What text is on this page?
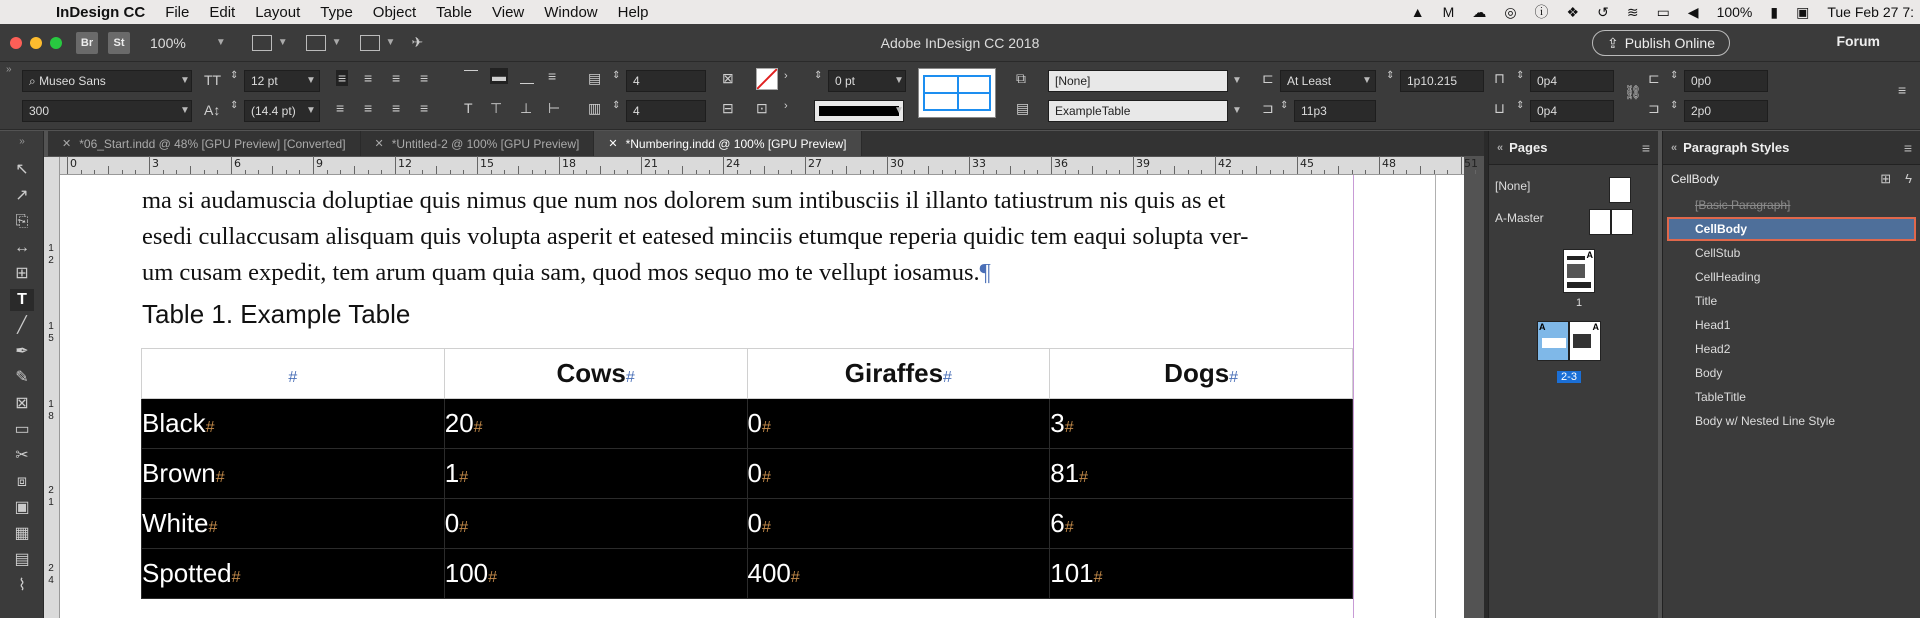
InDesign CC	File	Edit	Layout	Type	Object	Table	View	Window	Help	▲ M ☁ ◎ ⓘ ❖ ↺ ≋ ▭ ◀ 100% ▮ ▣ Tue Feb 27 7:
Br	St	100%	▼	▼	▼	▼ ✈	Adobe InDesign CC 2018	⇪ Publish Online	Forum
»
⌕ Museo Sans	▼
300	▼
TT ⇕	12 pt	▼
A↕ ⇕	(14.4 pt)	▼
≡ ≡ ≡ ≡
≡ ≡ ≡ ≡
⎺ ▬ ⎽ ≡
T ⊤ ⊥ ⊢
▤ ⇕	4
▥ ⇕	4
⊠
⊟
›
⊡ ›
⇕	0 pt	▼
▼
⧉	[None]	▼
▤	ExampleTable	▼
⊏	At Least	▼ ⇕	1p10.215
⊐ ⇕	11p3
⊓ ⇕	0p4
⊔ ⇕	0p4
⛓
⊏ ⇕	0p0
⊐ ⇕	2p0
≡
»
↖
↗
⎘
↔
⊞
T
╱
✒
✎
⊠
▭
✂
⧈
▣
▦
▤
⌇
✕ *06_Start.indd @ 48% [GPU Preview] [Converted]	✕ *Untitled-2 @ 100% [GPU Preview]	✕ *Numbering.indd @ 100% [GPU Preview]
0	3	6	9	12	15	18	21	24	27	30	33	36	39	42	45	48	51
1
2
1
5
1
8
2
1
2
4
ma si audamuscia doluptiae quis nimus que num nos dolorem sum intibusciis il illanto tatiustrum nis quis as et
esedi cullaccusam alisquam quis volupta asperit et eatesed minciis etumque reperia quidic tem eaqui solupta ver-
um cusam expedit, tem arum quam quia sam, quod mos sequo mo te vellupt iosamus.¶
Table 1. Example Table
#	Cows#	Giraffes#	Dogs#
Black#	20#	0#	3#
Brown#	1#	0#	81#
White#	0#	0#	6#
Spotted#	100#	400#	101#
« Pages	≡
[None]
A-Master
A
1
A	A
2-3
« Paragraph Styles	≡
CellBody	⊞ ϟ
[Basic Paragraph]
CellBody
CellStub
CellHeading
Title
Head1
Head2
Body
TableTitle
Body w/ Nested Line Style
